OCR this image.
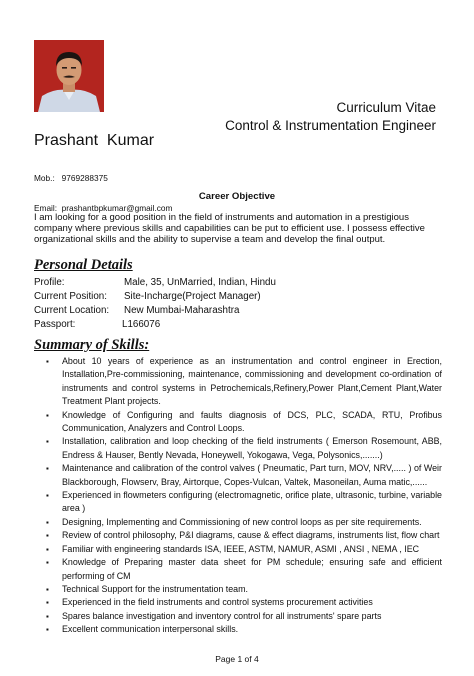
Curriculum Vitae
Control & Instrumentation Engineer
Prashant  Kumar

Mob.:   9769288375

Email:  prashantbpkumar@gmail.com

Career Objective
I am looking for a good position in the field of instruments and automation in a prestigious company where previous skills and capabilities can be put to efficient use. I possess effective organizational skills and the ability to supervise a team and develop the final output.
Personal Details
Profile:	Male, 35, UnMarried, Indian, Hindu
Current Position: Site-Incharge(Project Manager)
Current Location: New Mumbai-Maharashtra
Passport:	L166076
Summary of Skills:
▪ About 10 years of experience as an instrumentation and control engineer in Erection, Installation,Pre-commissioning, maintenance, commissioning and development co-ordination of instruments and control systems in Petrochemicals,Refinery,Power Plant,Cement Plant,Water Treatment Plant projects.
▪ Knowledge of Configuring and faults diagnosis of DCS, PLC, SCADA, RTU, Profibus Communication, Analyzers and Control Loops.
▪ Installation, calibration and loop checking of the field instruments ( Emerson Rosemount, ABB, Endress & Hauser, Bently Nevada, Honeywell, Yokogawa, Vega, Polysonics,.......)
▪ Maintenance and calibration of the control valves ( Pneumatic, Part turn, MOV, NRV,..... ) of Weir Blackborough, Flowserv, Bray, Airtorque, Copes-Vulcan, Valtek, Masoneilan, Auma matic,......
▪ Experienced in flowmeters configuring (electromagnetic, orifice plate, ultrasonic, turbine, variable area )
▪ Designing, Implementing and Commissioning of new control loops as per site requirements.
▪ Review of control philosophy, P&I diagrams, cause & effect diagrams, instruments list, flow chart
▪ Familiar with engineering standards ISA, IEEE, ASTM, NAMUR, ASMI , ANSI , NEMA , IEC
▪ Knowledge of Preparing master data sheet for PM schedule; ensuring safe and efficient performing of CM
▪ Technical Support for the instrumentation team.
▪ Experienced in the field instruments and control systems procurement activities
▪ Spares balance investigation and inventory control for all instruments' spare parts
▪ Excellent communication interpersonal skills.
Page 1 of 4
